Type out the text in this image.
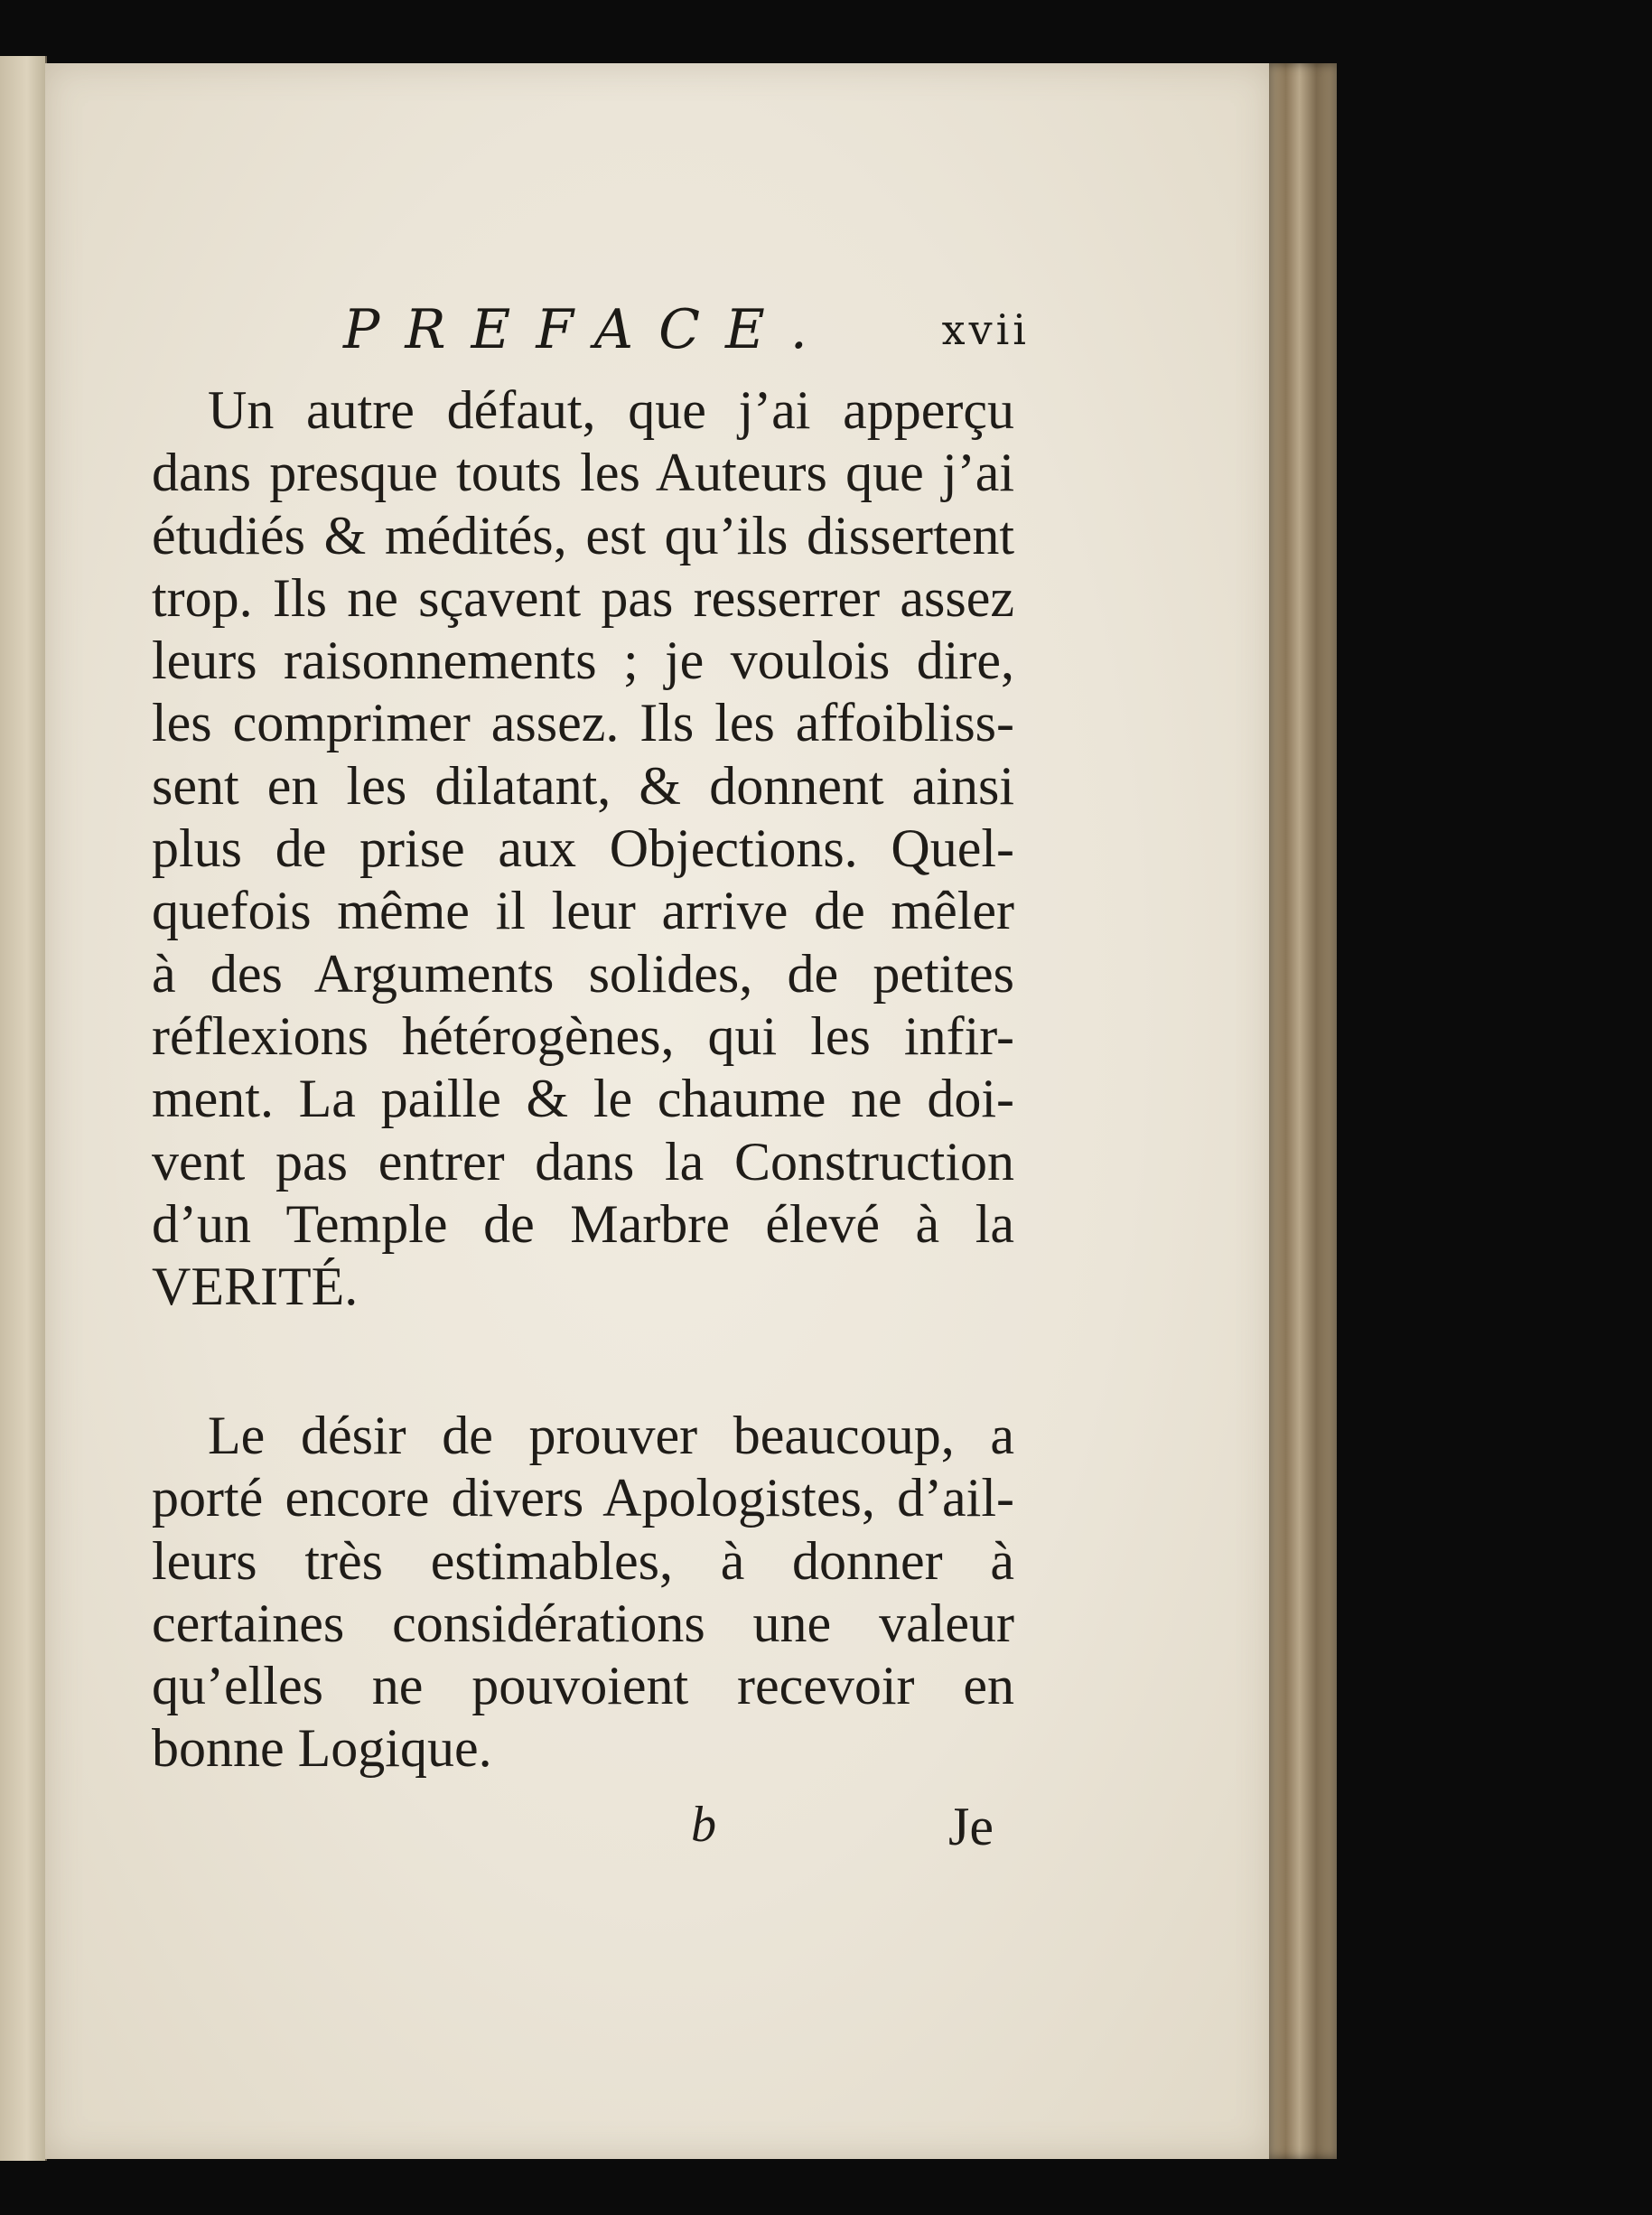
PREFACE.	xvii
Un autre défaut, que j’ai apperçu
dans presque touts les Auteurs que j’ai
étudiés & médités, est qu’ils dissertent
trop. Ils ne sçavent pas resserrer assez
leurs raisonnements ; je voulois dire,
les comprimer assez. Ils les affoibliss-
sent en les dilatant, & donnent ainsi
plus de prise aux Objections. Quel-
quefois même il leur arrive de mêler
à des Arguments solides, de petites
réflexions hétérogènes, qui les infir-
ment. La paille & le chaume ne doi-
vent pas entrer dans la Construction
d’un Temple de Marbre élevé à la
VERITÉ.
Le désir de prouver beaucoup, a
porté encore divers Apologistes, d’ail-
leurs très estimables, à donner à
certaines considérations une valeur
qu’elles ne pouvoient recevoir en
bonne Logique.
b	Je
